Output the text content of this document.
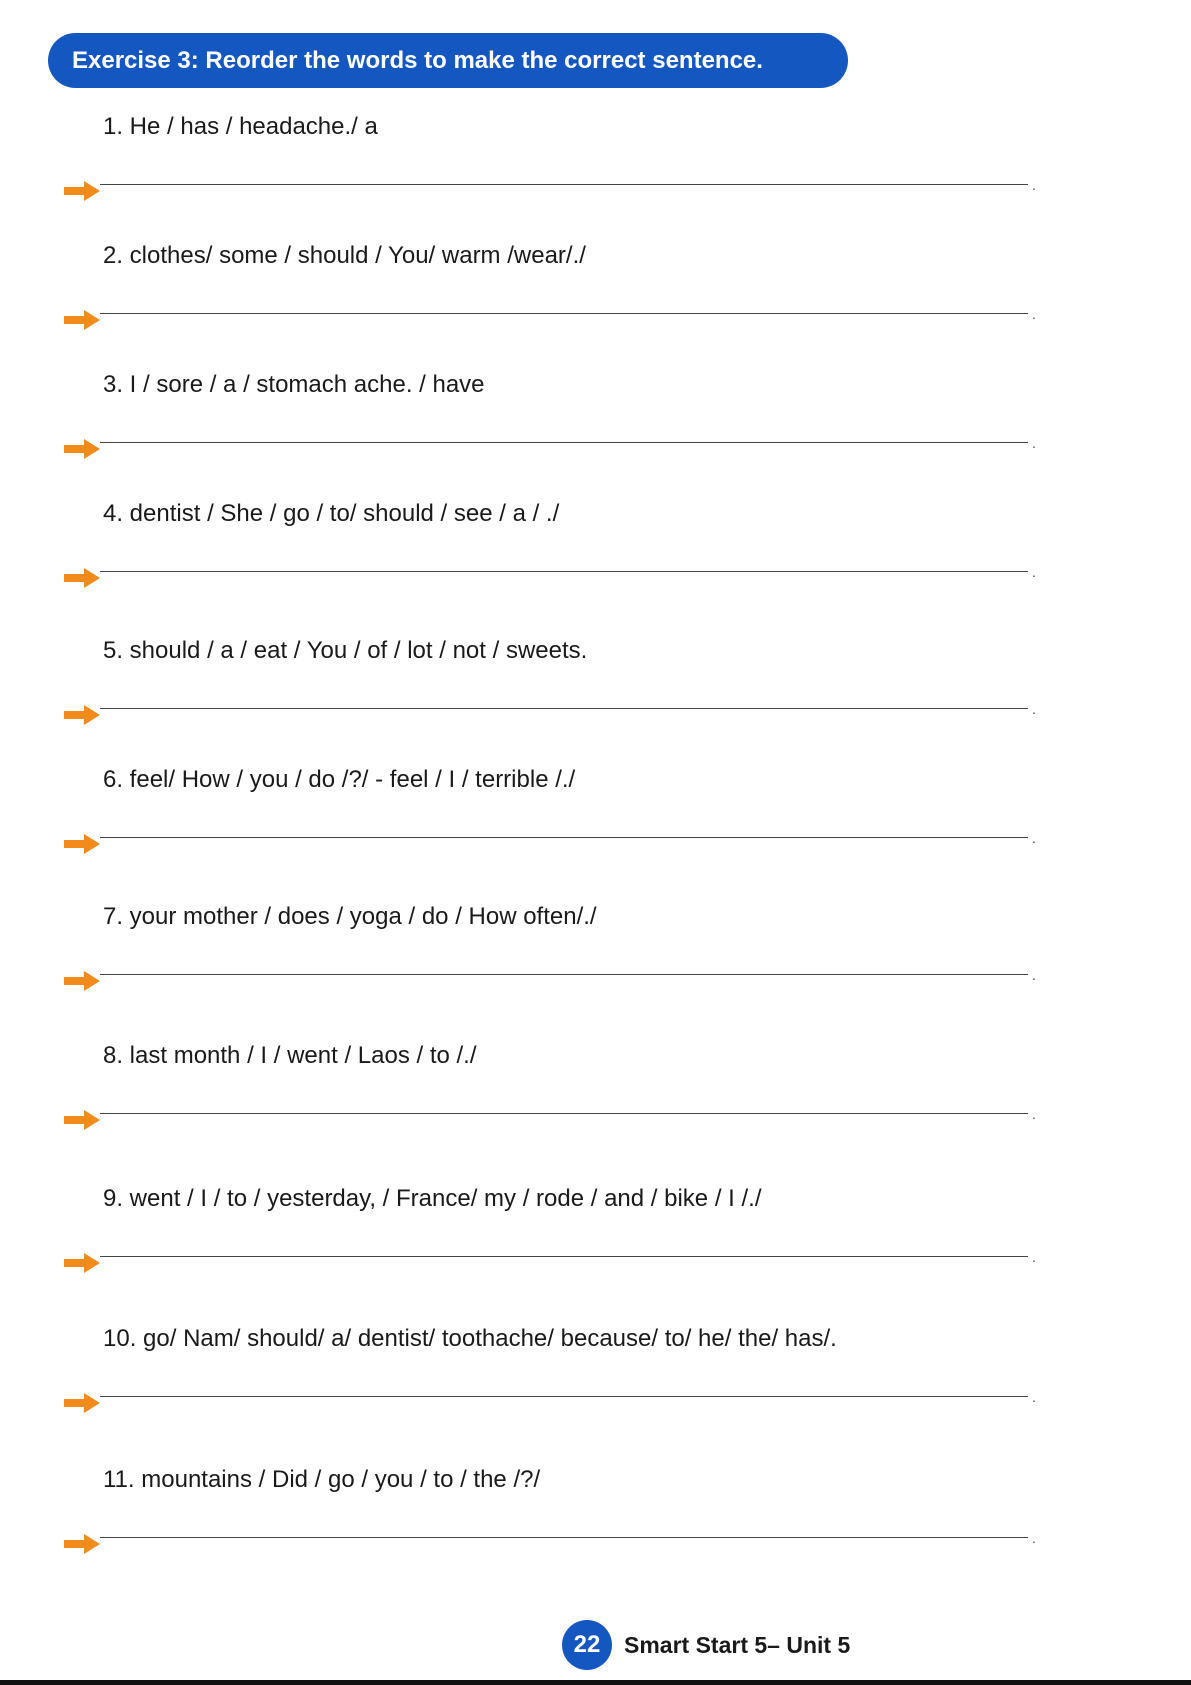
Exercise 3: Reorder the words to make the correct sentence.
1. He / has / headache./ a
.
2. clothes/ some / should / You/ warm /wear/./
.
3. I / sore / a / stomach ache. / have
.
4. dentist / She / go / to/ should / see / a / ./
.
5. should / a / eat / You / of / lot / not / sweets.
.
6. feel/ How / you / do /?/ - feel / I / terrible /./
.
7. your mother / does / yoga / do / How often/./
.
8. last month / I / went / Laos / to /./
.
9. went / I / to / yesterday, / France/ my / rode / and / bike / I /./
.
10. go/ Nam/ should/ a/ dentist/ toothache/ because/ to/ he/ the/ has/.
.
11. mountains / Did / go / you / to / the /?/
.
22	Smart Start 5– Unit 5
